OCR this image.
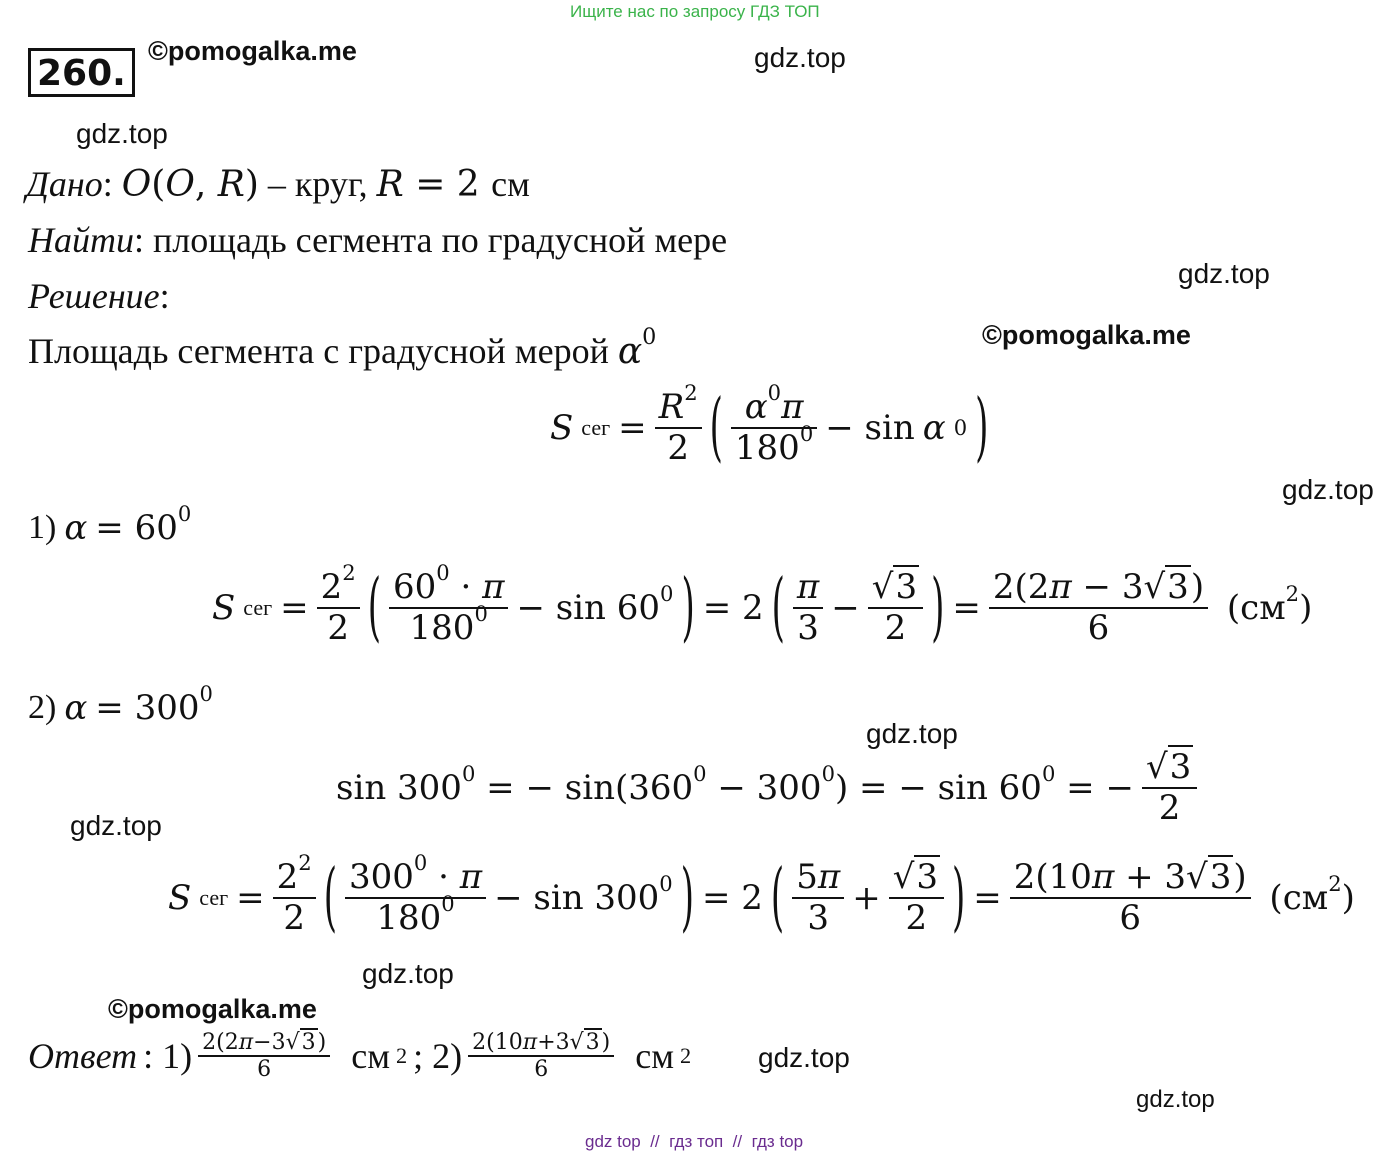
Ищите нас по запросу ГДЗ ТОП
260.
©pomogalka.me	gdz.top
gdz.top
gdz.top
©pomogalka.me
gdz.top
gdz.top
gdz.top
gdz.top
©pomogalka.me
gdz.top
gdz.top
Дано: O(O, R) – круг, R = 2 см
Найти: площадь сегмента по градусной мере
Решение:
Площадь сегмента с градусной мерой $\alpha^0$
S сег = $\frac{R^2}{2}$ ( $\frac{\alpha^0\pi}{180^0} - \sin \alpha$ 0 )
1) $\alpha = 60^0$
S сег = $\frac{2^2}{2}$ ( $\frac{60^0 \cdot \pi}{180^0} - \sin 60^0$ ) = 2 ( $\frac{\pi}{3} - \frac{√3}{2}$ ) = $\frac{2(2\pi - 3√3)}{6} (см^2)$
2) $\alpha = 300^0$
$\sin 300^0$ = − $\sin(360^0 - 300^0)$ = − $\sin 60^0$ = − $\frac{√3}{2}$
S сег = $\frac{2^2}{2}$ ( $\frac{300^0 \cdot \pi}{180^0} - \sin 300^0$ ) = 2 ( $\frac{5\pi}{3} + \frac{√3}{2}$ ) = $\frac{2(10\pi + 3√3)}{6} (см^2)$
Ответ : $1) \frac{2(2\pi-3√3)}{6}$
см 2 ; $2) \frac{2(10\pi+3√3)}{6}$
см 2
gdz top  //  гдз топ  //  гдз top
